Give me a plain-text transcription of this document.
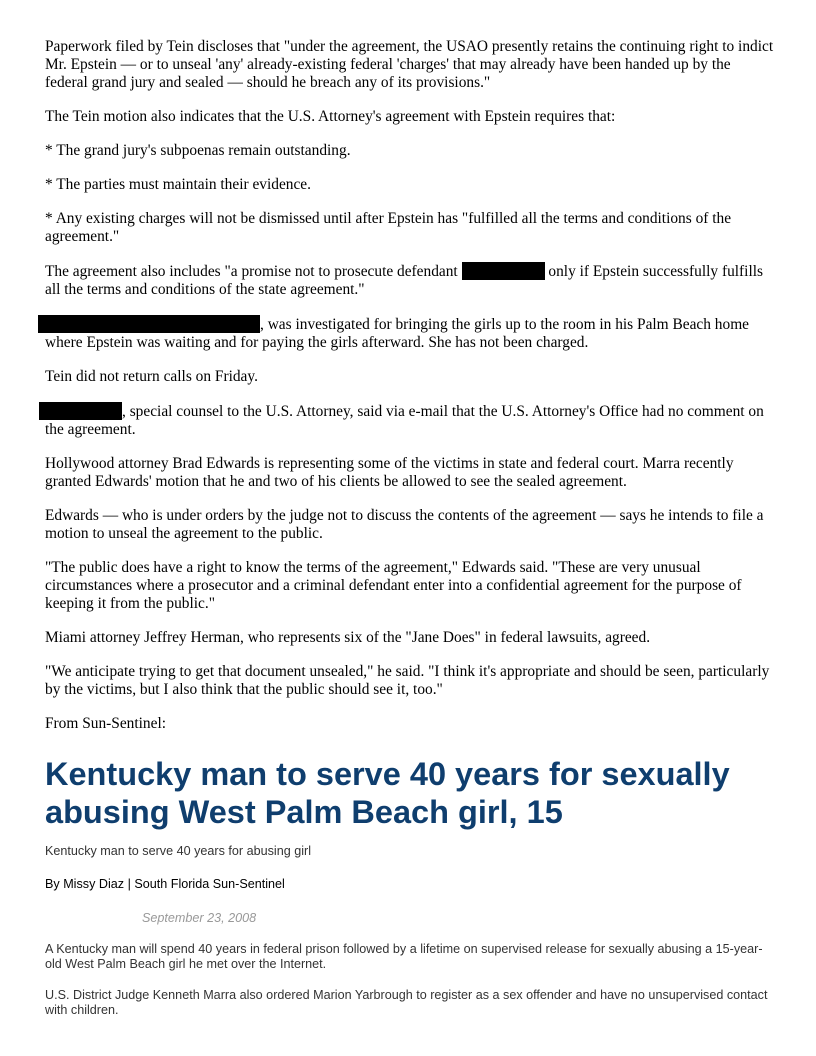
Paperwork filed by Tein discloses that "under the agreement, the USAO presently retains the continuing right to indict Mr. Epstein — or to unseal 'any' already-existing federal 'charges' that may already have been handed up by the federal grand jury and sealed — should he breach any of its provisions."

The Tein motion also indicates that the U.S. Attorney's agreement with Epstein requires that:

* The grand jury's subpoenas remain outstanding.

* The parties must maintain their evidence.

* Any existing charges will not be dismissed until after Epstein has "fulfilled all the terms and conditions of the agreement."

The agreement also includes "a promise not to prosecute defendant	only if Epstein successfully fulfills all the terms and conditions of the state agreement."

, was investigated for bringing the girls up to the room in his Palm Beach home where Epstein was waiting and for paying the girls afterward. She has not been charged.

Tein did not return calls on Friday.

, special counsel to the U.S. Attorney, said via e-mail that the U.S. Attorney's Office had no comment on the agreement.

Hollywood attorney Brad Edwards is representing some of the victims in state and federal court. Marra recently granted Edwards' motion that he and two of his clients be allowed to see the sealed agreement.

Edwards — who is under orders by the judge not to discuss the contents of the agreement — says he intends to file a motion to unseal the agreement to the public.

"The public does have a right to know the terms of the agreement," Edwards said. "These are very unusual circumstances where a prosecutor and a criminal defendant enter into a confidential agreement for the purpose of keeping it from the public."

Miami attorney Jeffrey Herman, who represents six of the "Jane Does" in federal lawsuits, agreed.

"We anticipate trying to get that document unsealed," he said. "I think it's appropriate and should be seen, particularly by the victims, but I also think that the public should see it, too."

From Sun-Sentinel:

Kentucky man to serve 40 years for sexually abusing West Palm Beach girl, 15
Kentucky man to serve 40 years for abusing girl
By Missy Diaz | South Florida Sun-Sentinel
September 23, 2008

A Kentucky man will spend 40 years in federal prison followed by a lifetime on supervised release for sexually abusing a 15-year-old West Palm Beach girl he met over the Internet.

U.S. District Judge Kenneth Marra also ordered Marion Yarbrough to register as a sex offender and have no unsupervised contact with children.
